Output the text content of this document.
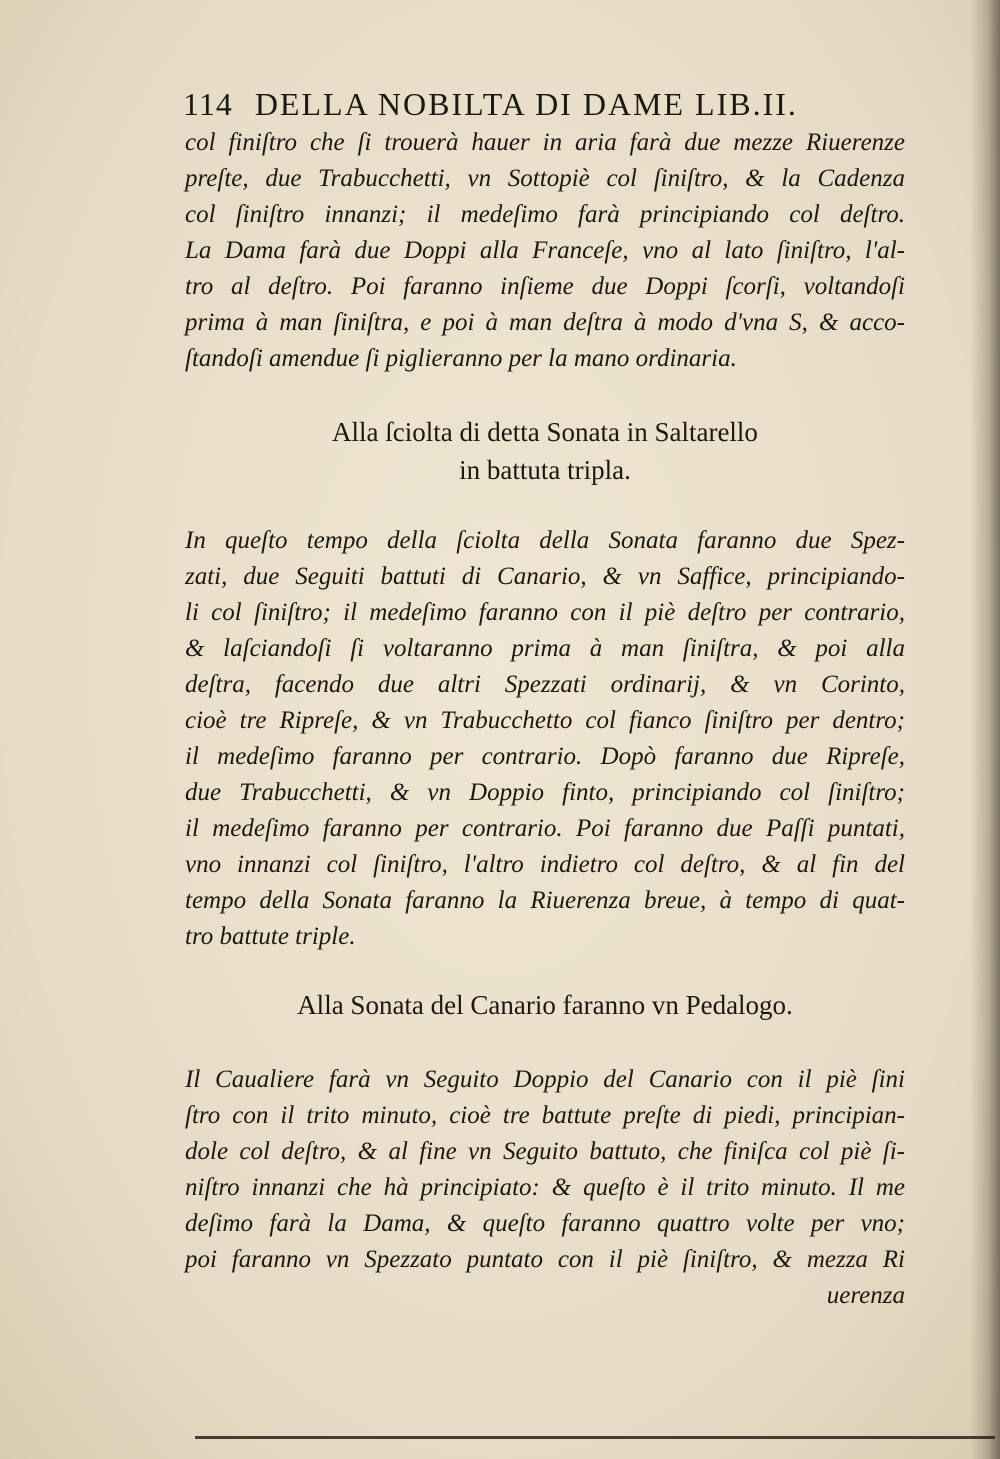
114 DELLA NOBILTA DI DAME LIB.II.
col finiſtro che ſi trouerà hauer in aria farà due mezze Riuerenze
preſte, due Trabucchetti, vn Sottopiè col ſiniſtro, & la Cadenza
col ſiniſtro innanzi; il medeſimo farà principiando col deſtro.
La Dama farà due Doppi alla Franceſe, vno al lato ſiniſtro, l'al-
tro al deſtro. Poi faranno inſieme due Doppi ſcorſi, voltandoſi
prima à man ſiniſtra, e poi à man deſtra à modo d'vna S, & acco-
ſtandoſi amendue ſi piglieranno per la mano ordinaria.
Alla ſciolta di detta Sonata in Saltarello
in battuta tripla.
In queſto tempo della ſciolta della Sonata faranno due Spez-
zati, due Seguiti battuti di Canario, & vn Saffice, principiando-
li col ſiniſtro; il medeſimo faranno con il piè deſtro per contrario,
& laſciandoſi ſi voltaranno prima à man ſiniſtra, & poi alla
deſtra, facendo due altri Spezzati ordinarij, & vn Corinto,
cioè tre Ripreſe, & vn Trabucchetto col fianco ſiniſtro per dentro;
il medeſimo faranno per contrario. Dopò faranno due Ripreſe,
due Trabucchetti, & vn Doppio finto, principiando col ſiniſtro;
il medeſimo faranno per contrario. Poi faranno due Paſſi puntati,
vno innanzi col ſiniſtro, l'altro indietro col deſtro, & al fin del
tempo della Sonata faranno la Riuerenza breue, à tempo di quat-
tro battute triple.
Alla Sonata del Canario faranno vn Pedalogo.
Il Caualiere farà vn Seguito Doppio del Canario con il piè ſini
ſtro con il trito minuto, cioè tre battute preſte di piedi, principian-
dole col deſtro, & al fine vn Seguito battuto, che finiſca col piè ſi-
niſtro innanzi che hà principiato: & queſto è il trito minuto. Il me
deſimo farà la Dama, & queſto faranno quattro volte per vno;
poi faranno vn Spezzato puntato con il piè ſiniſtro, & mezza Ri
uerenza
